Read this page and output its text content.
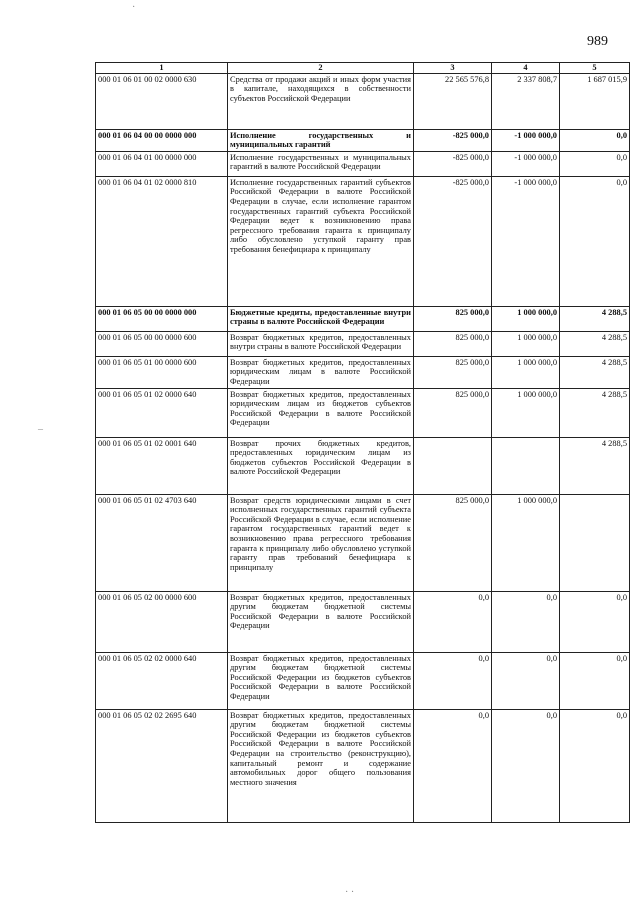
989
1	2	3	4	5
000 01 06 01 00 02 0000 630	Средства от продажи акций и иных форм участия в капитале, находящихся в собственности субъектов Российской Федерации	22 565 576,8	2 337 808,7	1 687 015,9
000 01 06 04 00 00 0000 000	Исполнение государственных и муниципальных гарантий	-825 000,0	-1 000 000,0	0,0
000 01 06 04 01 00 0000 000	Исполнение государственных и муниципальных гарантий в валюте Российской Федерации	-825 000,0	-1 000 000,0	0,0
000 01 06 04 01 02 0000 810	Исполнение государственных гарантий субъектов Российской Федерации в валюте Российской Федерации в случае, если исполнение гарантом государственных гарантий субъекта Российской Федерации ведет к возникновению права регрессного требования гаранта к принципалу либо обусловлено уступкой гаранту прав требования бенефициара к принципалу	-825 000,0	-1 000 000,0	0,0
000 01 06 05 00 00 0000 000	Бюджетные кредиты, предоставленные внутри страны в валюте Российской Федерации	825 000,0	1 000 000,0	4 288,5
000 01 06 05 00 00 0000 600	Возврат бюджетных кредитов, предоставленных внутри страны в валюте Российской Федерации	825 000,0	1 000 000,0	4 288,5
000 01 06 05 01 00 0000 600	Возврат бюджетных кредитов, предоставленных юридическим лицам в валюте Российской Федерации	825 000,0	1 000 000,0	4 288,5
000 01 06 05 01 02 0000 640	Возврат бюджетных кредитов, предоставленных юридическим лицам из бюджетов субъектов Российской Федерации в валюте Российской Федерации	825 000,0	1 000 000,0	4 288,5
000 01 06 05 01 02 0001 640	Возврат прочих бюджетных кредитов, предоставленных юридическим лицам из бюджетов субъектов Российской Федерации в валюте Российской Федерации			4 288,5
000 01 06 05 01 02 4703 640	Возврат средств юридическими лицами в счет исполненных государственных гарантий субъекта Российской Федерации в случае, если исполнение гарантом государственных гарантий ведет к возникновению права регрессного требования гаранта к принципалу либо обусловлено уступкой гаранту прав требований бенефициара к принципалу	825 000,0	1 000 000,0	
000 01 06 05 02 00 0000 600	Возврат бюджетных кредитов, предоставленных другим бюджетам бюджетной системы Российской Федерации в валюте Российской Федерации	0,0	0,0	0,0
000 01 06 05 02 02 0000 640	Возврат бюджетных кредитов, предоставленных другим бюджетам бюджетной системы Российской Федерации из бюджетов субъектов Российской Федерации в валюте Российской Федерации	0,0	0,0	0,0
000 01 06 05 02 02 2695 640	Возврат бюджетных кредитов, предоставленных другим бюджетам бюджетной системы Российской Федерации из бюджетов субъектов Российской Федерации в валюте Российской Федерации на строительство (реконструкцию), капитальный ремонт и содержание автомобильных дорог общего пользования местного значения	0,0	0,0	0,0
·
–
· ·
